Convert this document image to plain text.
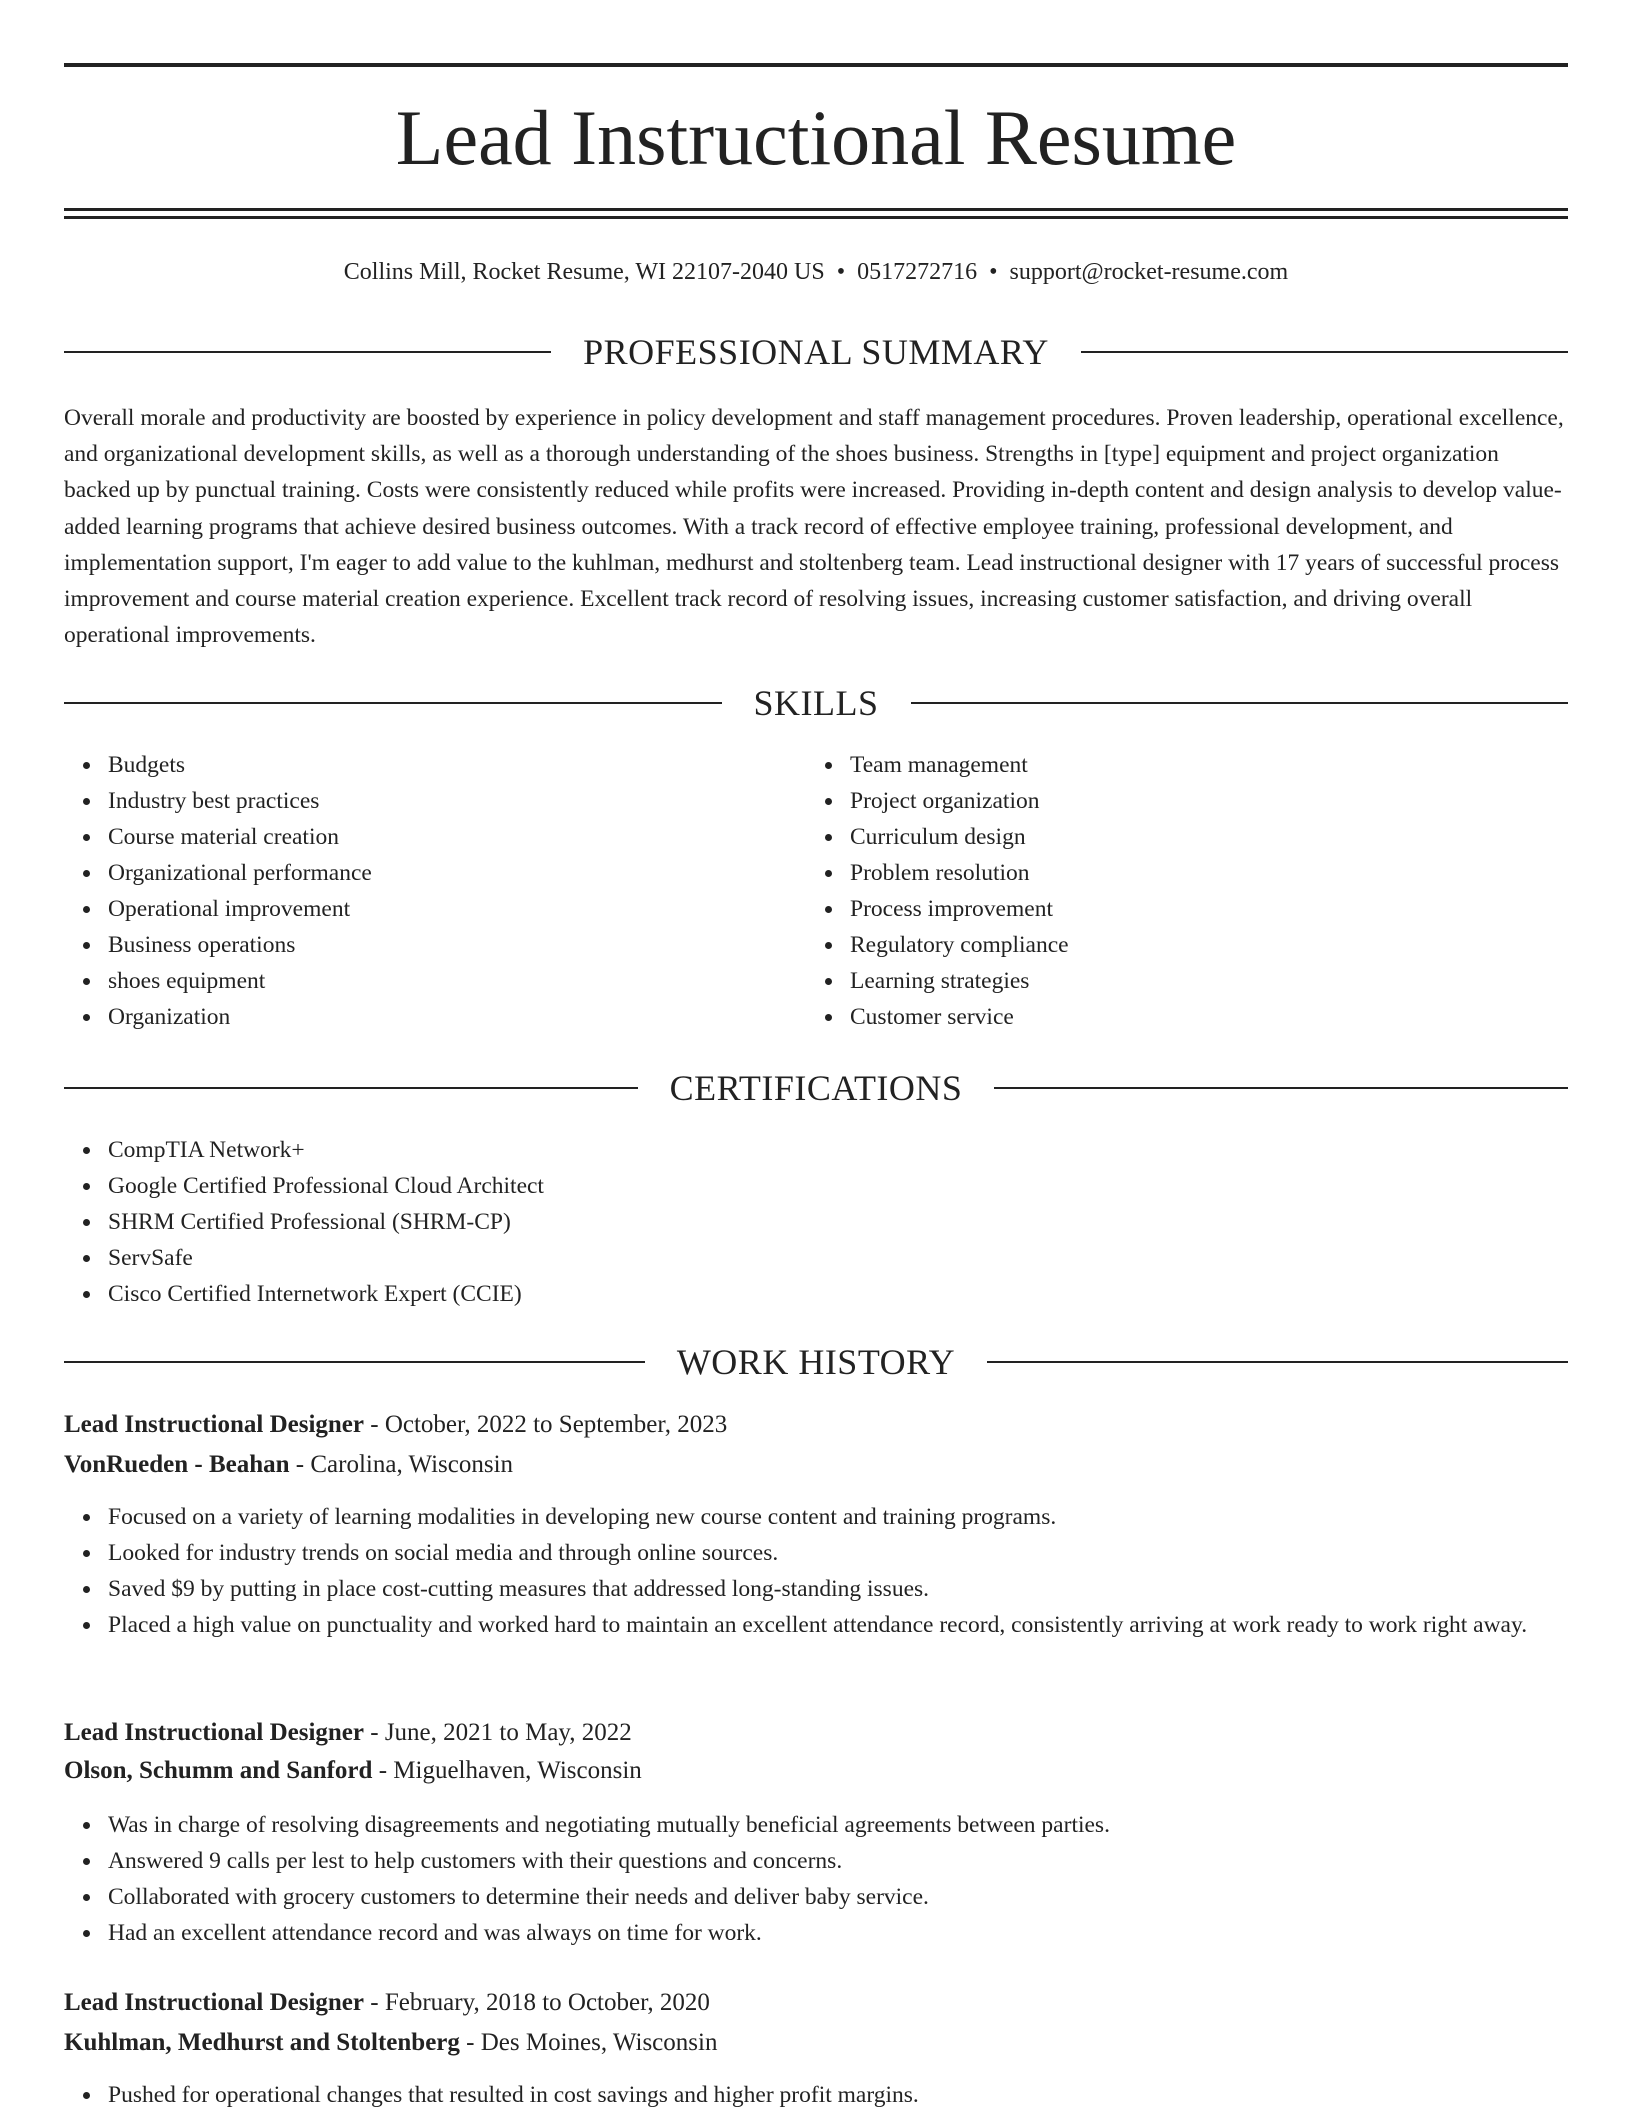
Lead Instructional Resume
Collins Mill, Rocket Resume, WI 22107-2040 US • 0517272716 • support@rocket-resume.com
PROFESSIONAL SUMMARY

Overall morale and productivity are boosted by experience in policy development and staff management procedures. Proven leadership, operational excellence, and organizational development skills, as well as a thorough understanding of the shoes business. Strengths in [type] equipment and project organization backed up by punctual training. Costs were consistently reduced while profits were increased. Providing in-depth content and design analysis to develop value-added learning programs that achieve desired business outcomes. With a track record of effective employee training, professional development, and implementation support, I'm eager to add value to the kuhlman, medhurst and stoltenberg team. Lead instructional designer with 17 years of successful process improvement and course material creation experience. Excellent track record of resolving issues, increasing customer satisfaction, and driving overall operational improvements.

SKILLS
Budgets
Industry best practices
Course material creation
Organizational performance
Operational improvement
Business operations
shoes equipment
Organization
Team management
Project organization
Curriculum design
Problem resolution
Process improvement
Regulatory compliance
Learning strategies
Customer service
CERTIFICATIONS
CompTIA Network+
Google Certified Professional Cloud Architect
SHRM Certified Professional (SHRM-CP)
ServSafe
Cisco Certified Internetwork Expert (CCIE)
WORK HISTORY
Lead Instructional Designer - October, 2022 to September, 2023
VonRueden - Beahan - Carolina, Wisconsin
Focused on a variety of learning modalities in developing new course content and training programs.
Looked for industry trends on social media and through online sources.
Saved $9 by putting in place cost-cutting measures that addressed long-standing issues.
Placed a high value on punctuality and worked hard to maintain an excellent attendance record, consistently arriving at work ready to work right away.
Lead Instructional Designer - June, 2021 to May, 2022
Olson, Schumm and Sanford - Miguelhaven, Wisconsin
Was in charge of resolving disagreements and negotiating mutually beneficial agreements between parties.
Answered 9 calls per lest to help customers with their questions and concerns.
Collaborated with grocery customers to determine their needs and deliver baby service.
Had an excellent attendance record and was always on time for work.
Lead Instructional Designer - February, 2018 to October, 2020
Kuhlman, Medhurst and Stoltenberg - Des Moines, Wisconsin
Pushed for operational changes that resulted in cost savings and higher profit margins.
